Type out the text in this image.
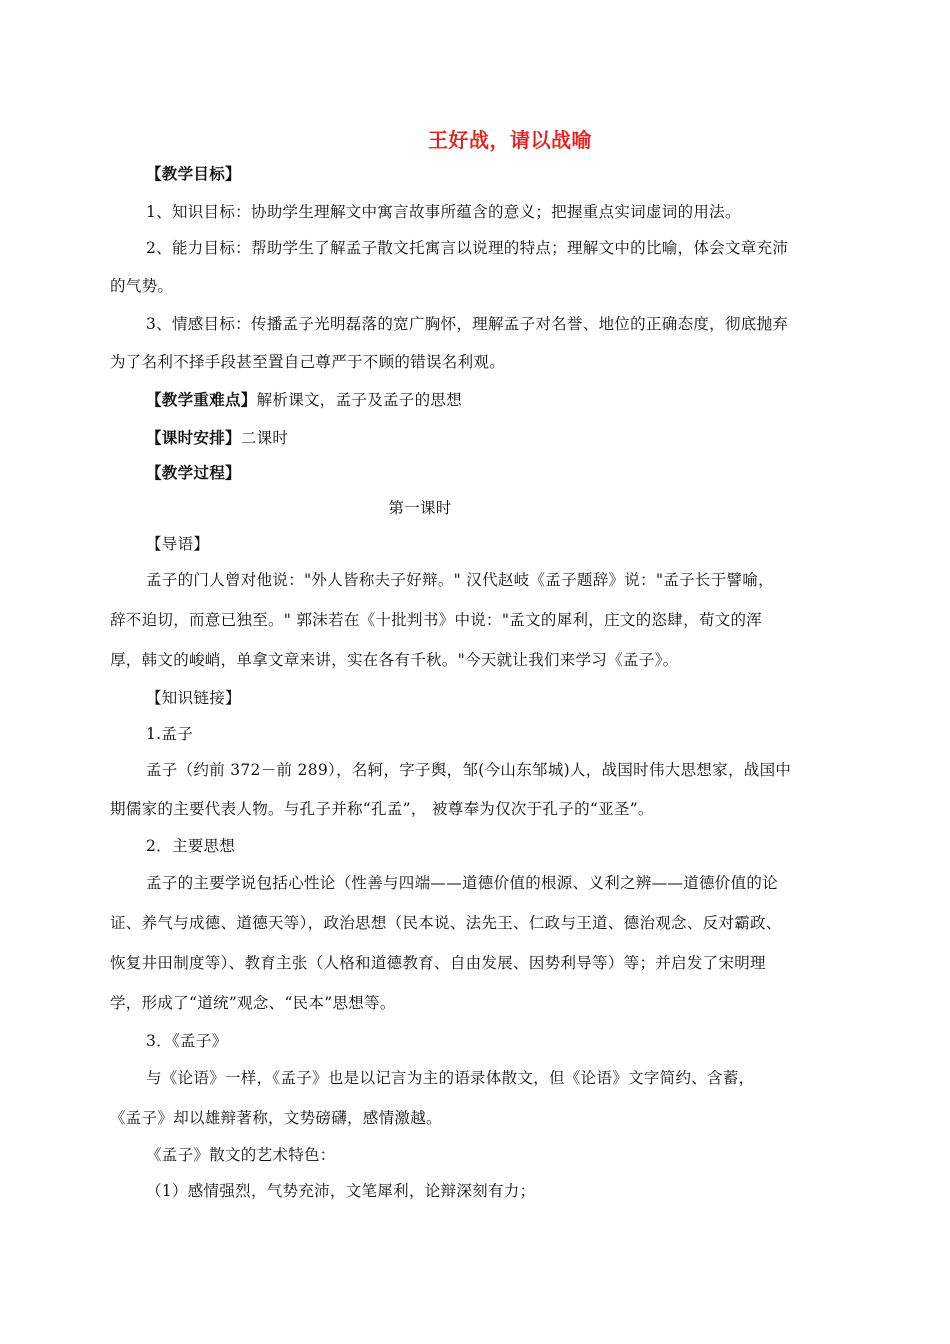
王好战，请以战喻
【教学目标】
1、知识目标：协助学生理解文中寓言故事所蕴含的意义；把握重点实词虚词的用法。
2、能力目标：帮助学生了解孟子散文托寓言以说理的特点；理解文中的比喻，体会文章充沛
的气势。
3、情感目标：传播孟子光明磊落的宽广胸怀，理解孟子对名誉、地位的正确态度，彻底抛弃
为了名利不择手段甚至置自己尊严于不顾的错误名利观。
【教学重难点】解析课文，孟子及孟子的思想
【课时安排】二课时
【教学过程】
第一课时
【导语】
孟子的门人曾对他说："外人皆称夫子好辩。" 汉代赵岐《孟子题辞》说："孟子长于譬喻，
辞不迫切，而意已独至。" 郭沫若在《十批判书》中说："孟文的犀利，庄文的恣肆，荀文的浑
厚，韩文的峻峭，单拿文章来讲，实在各有千秋。"今天就让我们来学习《孟子》。
【知识链接】
1.孟子
孟子（约前 372－前 289），名轲，字子舆，邹(今山东邹城)人，战国时伟大思想家，战国中
期儒家的主要代表人物。与孔子并称“孔孟”， 被尊奉为仅次于孔子的“亚圣”。
2．主要思想
孟子的主要学说包括心性论（性善与四端——道德价值的根源、义利之辨——道德价值的论
证、养气与成德、道德天等），政治思想（民本说、法先王、仁政与王道、德治观念、反对霸政、
恢复井田制度等）、教育主张（人格和道德教育、自由发展、因势利导等）等；并启发了宋明理
学，形成了“道统”观念、“民本”思想等。
3．《孟子》
与《论语》一样，《孟子》也是以记言为主的语录体散文，但《论语》文字简约、含蓄，
《孟子》却以雄辩著称，文势磅礴，感情激越。
《孟子》散文的艺术特色：
（1）感情强烈，气势充沛，文笔犀利，论辩深刻有力；
